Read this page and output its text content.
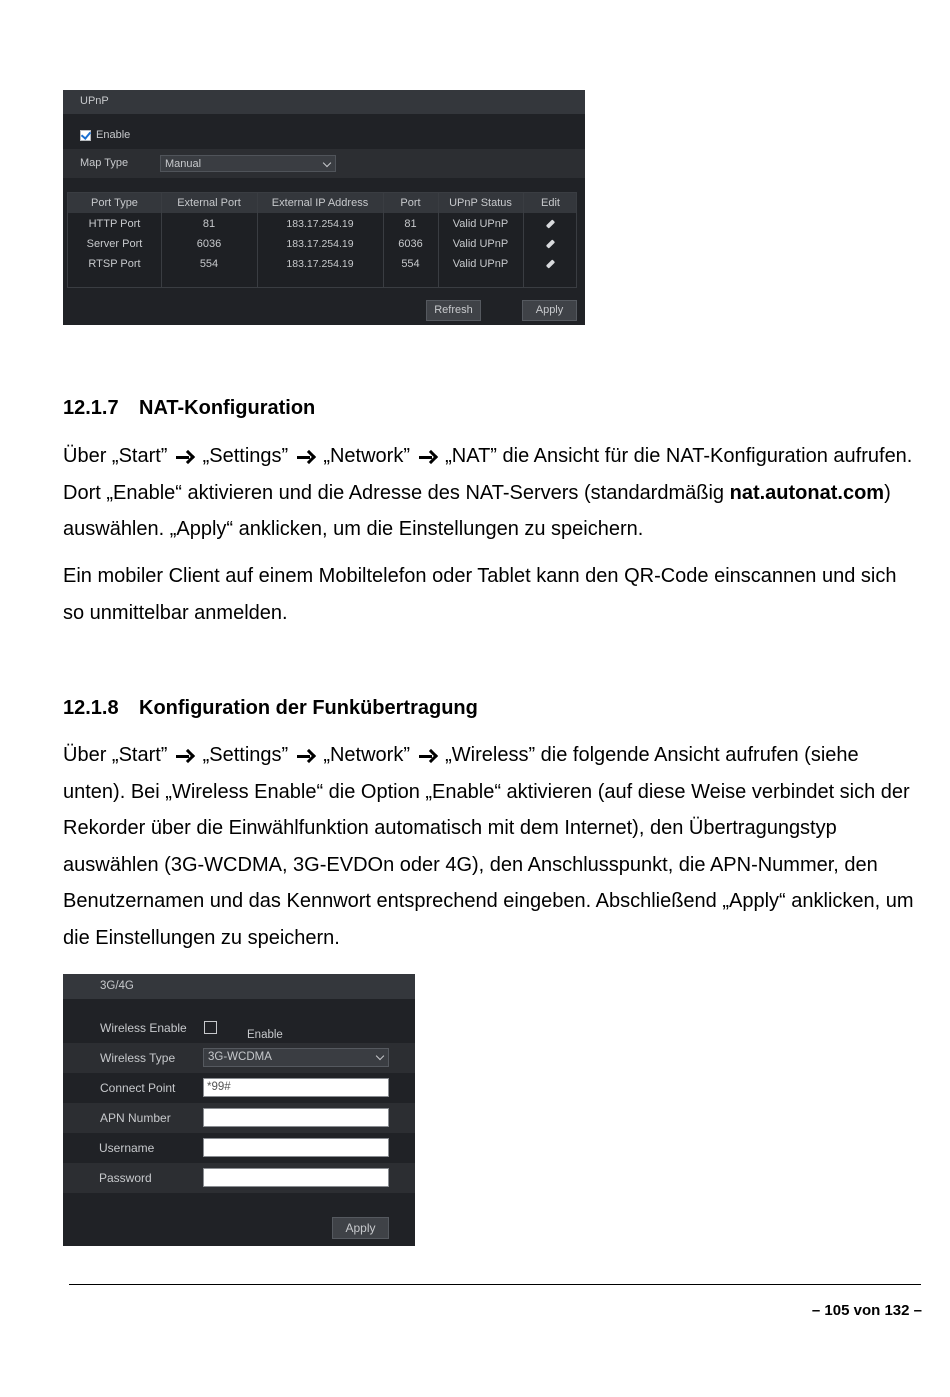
UPnP
Enable
Map Type	Manual
Port Type	External Port	External IP Address	Port	UPnP Status	Edit
HTTP Port	81	183.17.254.19	81	Valid UPnP
Server Port	6036	183.17.254.19	6036	Valid UPnP
RTSP Port	554	183.17.254.19	554	Valid UPnP
Refresh	Apply
12.1.7 NAT-Konfiguration
Über „Start” „Settings” „Network” „NAT” die Ansicht für die NAT-Konfiguration aufrufen. Dort „Enable“ aktivieren und die Adresse des NAT-Servers (standardmäßig nat.autonat.com) auswählen. „Apply“ anklicken, um die Einstellungen zu speichern.
Ein mobiler Client auf einem Mobiltelefon oder Tablet kann den QR-Code einscannen und sich so unmittelbar anmelden.
12.1.8 Konfiguration der Funkübertragung
Über „Start” „Settings” „Network” „Wireless” die folgende Ansicht aufrufen (siehe unten). Bei „Wireless Enable“ die Option „Enable“ aktivieren (auf diese Weise verbindet sich der Rekorder über die Einwählfunktion automatisch mit dem Internet), den Übertragungstyp auswählen (3G-WCDMA, 3G-EVDOn oder 4G), den Anschlusspunkt, die APN-Nummer, den Benutzernamen und das Kennwort entsprechend eingeben. Abschließend „Apply“ anklicken, um die Einstellungen zu speichern.
3G/4G
Wireless Enable	Enable
Wireless Type	3G-WCDMA
Connect Point	*99#
APN Number
Username
Password
Apply
– 105 von 132 –
